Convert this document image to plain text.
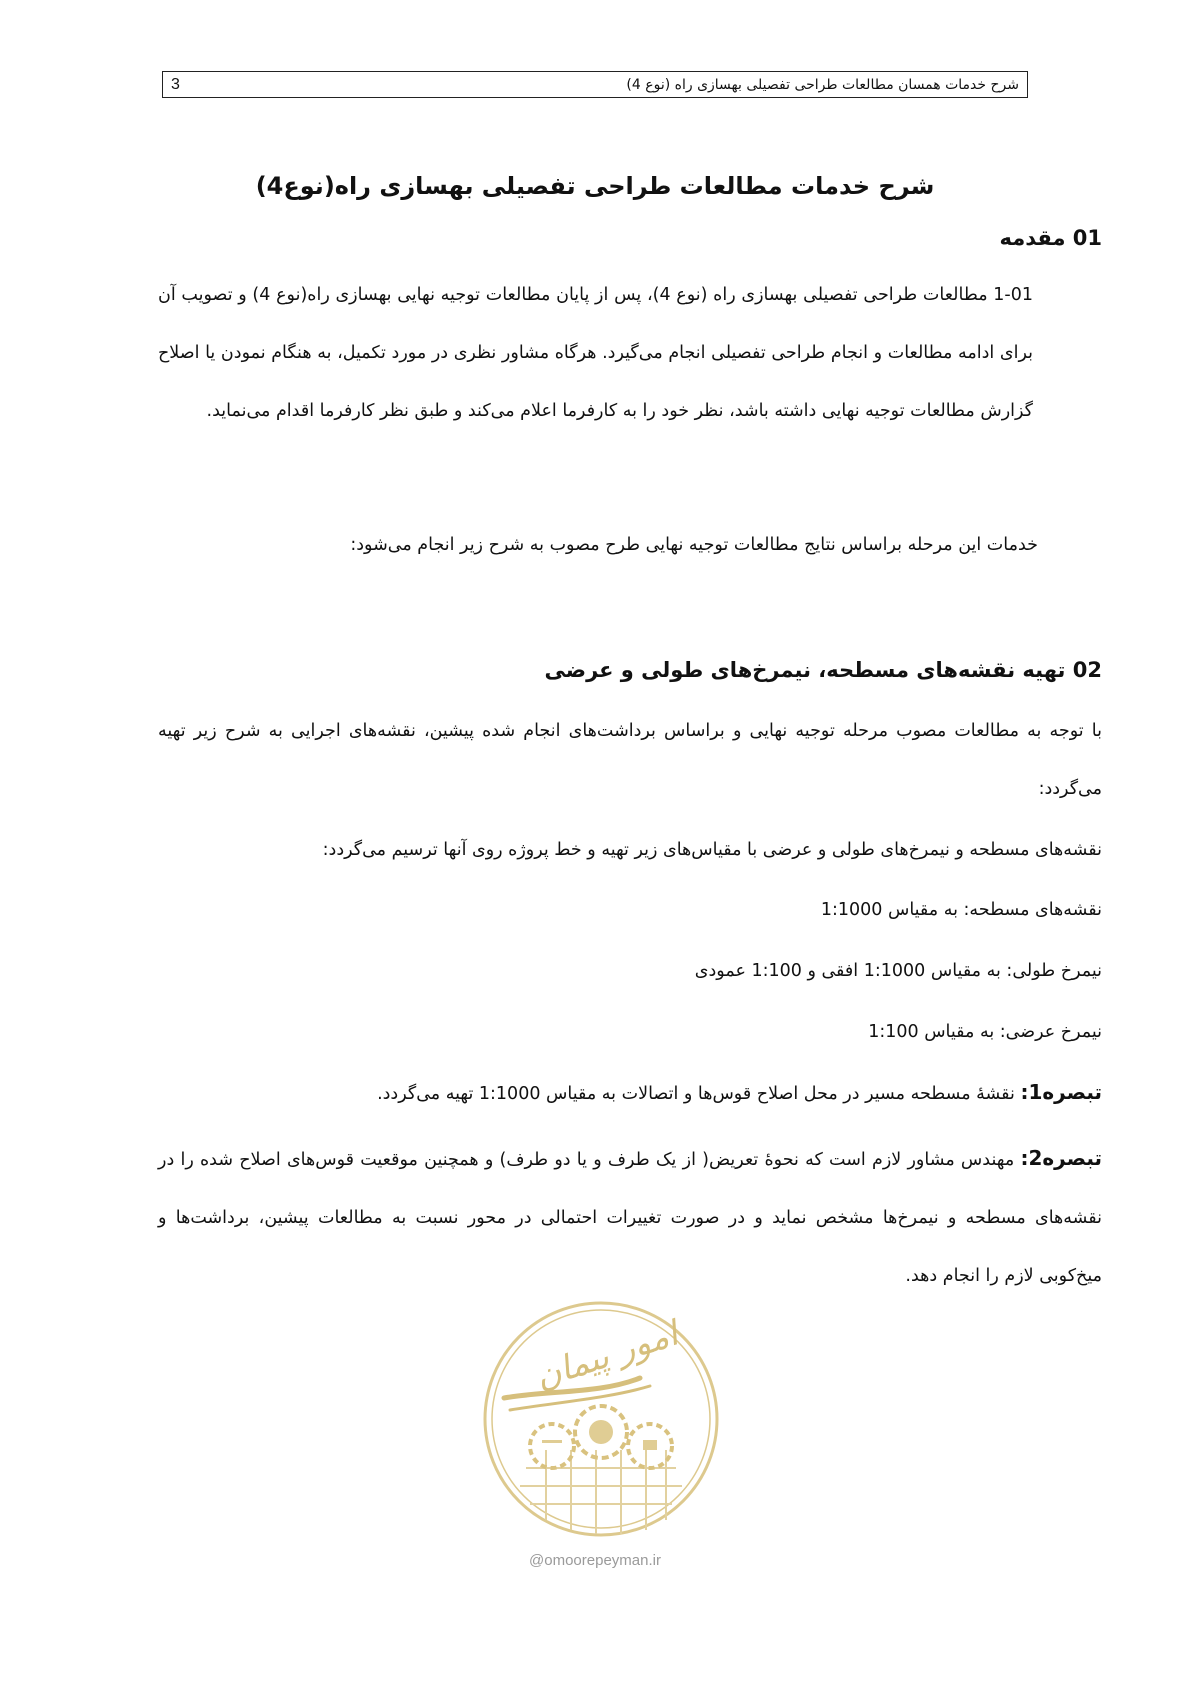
3	شرح خدمات همسان مطالعات طراحی تفصیلی بهسازی راه (نوع 4)
شرح خدمات مطالعات طراحی تفصیلی بهسازی راه(نوع4)
01 مقدمه

1-01 مطالعات طراحی تفصیلی بهسازی راه (نوع 4)، پس از پایان مطالعات توجیه نهایی بهسازی راه(نوع 4) و تصویب آن برای ادامه مطالعات و انجام طراحی تفصیلی انجام می‌گیرد. هرگاه مشاور نظری در مورد تکمیل، به هنگام نمودن یا اصلاح گزارش مطالعات توجیه نهایی داشته باشد، نظر خود را به کارفرما اعلام می‌کند و طبق نظر کارفرما اقدام می‌نماید.

خدمات این مرحله براساس نتایج مطالعات توجیه نهایی طرح مصوب به شرح زیر انجام می‌شود:

02 تهیه نقشه‌های مسطحه، نیمرخ‌های طولی و عرضی

با توجه به مطالعات مصوب مرحله توجیه نهایی و براساس برداشت‌های انجام شده پیشین، نقشه‌های اجرایی به شرح زیر تهیه می‌گردد:

نقشه‌های مسطحه و نیمرخ‌های طولی و عرضی با مقیاس‌های زیر تهیه و خط پروژه روی آنها ترسیم می‌گردد:

نقشه‌های مسطحه: به مقیاس 1:1000

نیمرخ طولی: به مقیاس 1:1000 افقی و 1:100 عمودی

نیمرخ عرضی: به مقیاس 1:100

تبصره1: نقشهٔ مسطحه مسیر در محل اصلاح قوس‌ها و اتصالات به مقیاس 1:1000 تهیه می‌گردد.

تبصره2: مهندس مشاور لازم است که نحوهٔ تعریض( از یک طرف و یا دو طرف) و همچنین موقعیت قوس‌های اصلاح شده را در نقشه‌های مسطحه و نیمرخ‌ها مشخص نماید و در صورت تغییرات احتمالی در محور نسبت به مطالعات پیشین، برداشت‌ها و میخ‌کوبی لازم را انجام دهد.

امور پیمان
@omoorepeyman.ir
